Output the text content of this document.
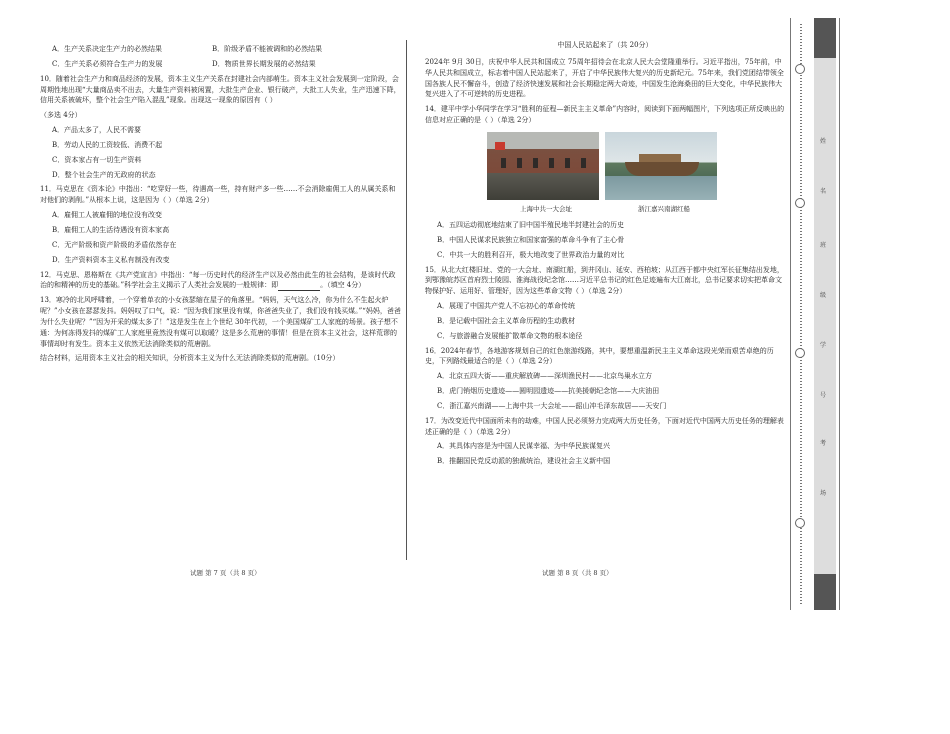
A．生产关系决定生产力的必然结果	B．阶级矛盾不能被调和的必然结果
C．生产关系必须符合生产力的发展	D．物质世界长期发展的必然结果

10．随着社会生产力和商品经济的发展，资本主义生产关系在封建社会内部萌生。资本主义社会发展到一定阶段，会周期性地出现“大量商品卖不出去，大量生产资料被闲置，大批生产企业、银行破产，大批工人失业，生产迅速下降，信用关系被破坏，整个社会生产陷入混乱”现象。出现这一现象的原因有（ ）

（多选 4分）

A．产品太多了，人民不需要

B．劳动人民的工资较低、消费不起

C．资本家占有一切生产资料

D．整个社会生产的无政府的状态

11．马克思在《资本论》中指出：“吃穿好一些，待遇高一些，持有财产多一些……不会消除雇佣工人的从属关系和对他们的剥削。”从根本上说，这是因为（ ）（单选 2分）

A．雇佣工人被雇佣的地位没有改变

B．雇佣工人的生活待遇没有资本家高

C．无产阶级和资产阶级的矛盾依然存在

D．生产资料资本主义私有制没有改变

12．马克思、恩格斯在《共产党宣言》中指出：“每一历史时代的经济生产以及必然由此生的社会结构，是该时代政治的和精神的历史的基础。”科学社会主义揭示了人类社会发展的一般规律：即	。（填空 4分）

13．寒冷的北风呼啸着，一个穿着单衣的小女孩瑟缩在屋子的角落里。“妈妈，天气这么冷，你为什么不生起火炉呢？”小女孩在瑟瑟发抖。妈妈叹了口气，说：“因为我们家里没有煤，你爸爸失业了，我们没有钱买煤。”“妈妈，爸爸为什么失业呢？”“因为开采的煤太多了！”这是发生在上个世纪 30年代初，一个美国煤矿工人家庭的场景。孩子想不通：为何冻得发抖的煤矿工人家庭里竟然没有煤可以取暖？这是多么荒唐的事情！但是在资本主义社会，这样荒谬的事情却时有发生。资本主义依然无法消除类似的荒唐剧。

结合材料，运用资本主义社会的相关知识，分析资本主义为什么无法消除类似的荒唐剧。（10分）

中国人民站起来了（共 20分）

2024年 9月 30日，庆祝中华人民共和国成立 75周年招待会在北京人民大会堂隆重举行。习近平指出，75年前，中华人民共和国成立，标志着中国人民站起来了，开启了中华民族伟大复兴的历史新纪元。75年来，我们党团结带领全国各族人民不懈奋斗，创造了经济快速发展和社会长期稳定两大奇迹，中国发生沧海桑田的巨大变化，中华民族伟大复兴进入了不可逆转的历史进程。

14．建平中学小华同学在学习“胜利的征程—新民主主义革命”内容时，阅读到下面两幅图片，下列选项正所反映出的信息对应正确的是（ ）（单选 2分）

上海中共一大会址	浙江嘉兴南湖红船

A．五四运动彻底地结束了旧中国半殖民地半封建社会的历史

B．中国人民谋求民族独立和国家富强的革命斗争有了主心骨

C．中共一大的胜利召开，极大地改变了世界政治力量的对比

15．从北大红楼旧址、党的一大会址、南湖红船，到井冈山、延安、西柏坡；从江西于都中央红军长征集结出发地，到鄂豫皖苏区首府烈士陵园、淮海战役纪念馆……习近平总书记的红色足迹遍布大江南北，总书记要求切实把革命文物保护好、运用好、管理好，因为这些革命文物（ ）（单选 2分）

A．展现了中国共产党人不忘初心的革命传统

B．是记载中国社会主义革命历程的生动教材

C．与旅游融合发展能扩散革命文物的根本途径

16．2024年春节，各地游客规划自己的红色旅游线路，其中，要想重温新民主主义革命这段光荣而艰苦卓绝的历史，下列路线最适合的是（ ）（单选 2分）

A．北京五四大街——重庆解放碑——深圳渔民村——北京鸟巢水立方

B．虎门销烟历史遗迹——圆明园遗迹——抗美援朝纪念馆——大庆油田

C．浙江嘉兴南湖——上海中共一大会址——韶山冲毛泽东故居——天安门

17．为改变近代中国面所未有的劫难，中国人民必须努力完成两大历史任务，下面对近代中国两大历史任务的理解表述正确的是（ ）（单选 2分）

A．其具体内容是为中国人民谋幸福、为中华民族谋复兴

B．推翻国民党反动派的独裁统治，建设社会主义新中国

试题 第 7 页（共 8 页）	试题 第 8 页（共 8 页）
姓
名
班
级
学
号
考
场
